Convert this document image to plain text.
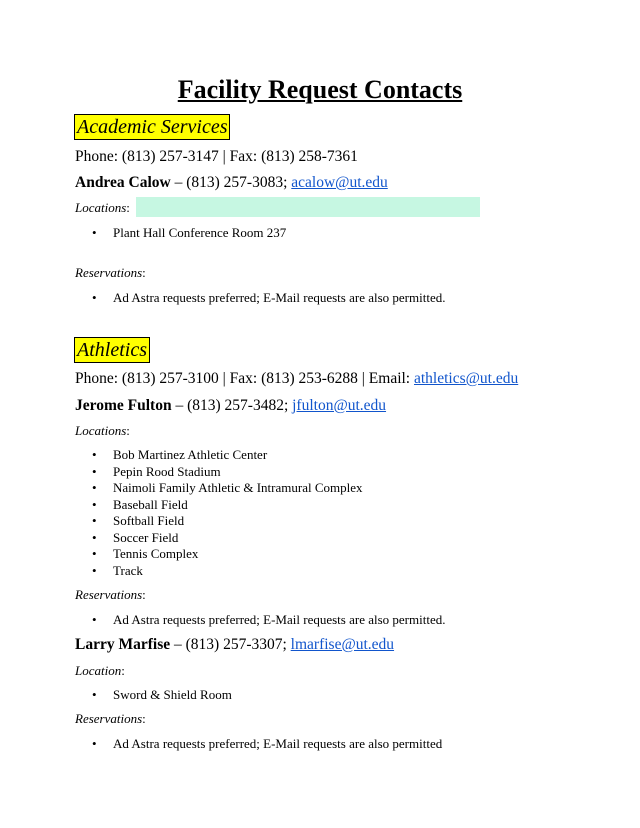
Facility Request Contacts
Academic Services
Phone: (813) 257-3147 | Fax: (813) 258-7361
Andrea Calow – (813) 257-3083; acalow@ut.edu
Locations:
• Plant Hall Conference Room 237
Reservations:
• Ad Astra requests preferred; E-Mail requests are also permitted.
Athletics
Phone: (813) 257-3100 | Fax: (813) 253-6288 | Email: athletics@ut.edu
Jerome Fulton – (813) 257-3482; jfulton@ut.edu
Locations:
• Bob Martinez Athletic Center
• Pepin Rood Stadium
• Naimoli Family Athletic & Intramural Complex
• Baseball Field
• Softball Field
• Soccer Field
• Tennis Complex
• Track
Reservations:
• Ad Astra requests preferred; E-Mail requests are also permitted.
Larry Marfise – (813) 257-3307; lmarfise@ut.edu
Location:
• Sword & Shield Room
Reservations:
• Ad Astra requests preferred; E-Mail requests are also permitted
